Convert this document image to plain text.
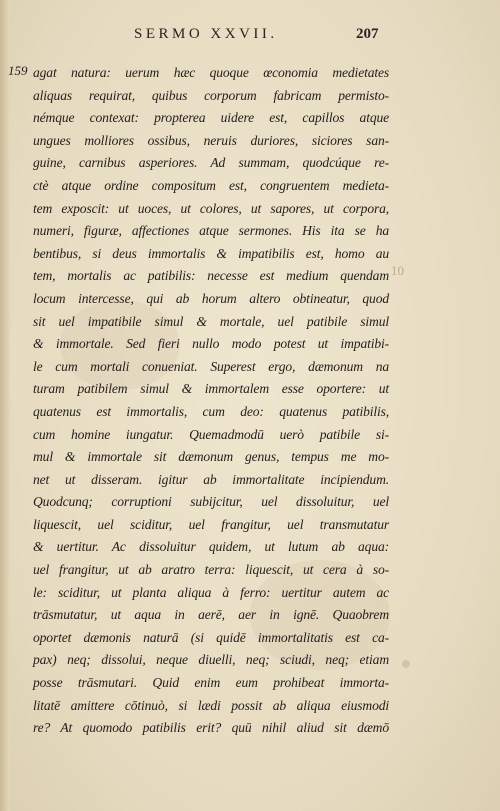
SERMO XXVII.	207
159
10
agat natura: uerum hæc quoque œconomia medietates
aliquas requirat, quibus corporum fabricam permisto-
némque contexat: propterea uidere est, capillos atque
ungues molliores ossibus, neruis duriores, siciores san-
guine, carnibus asperiores. Ad summam, quodcúque re-
ctè atque ordine compositum est, congruentem medieta-
tem exposcit: ut uoces, ut colores, ut sapores, ut corpora,
numeri, figuræ, affectiones atque sermones. His ita se ha
bentibus, si deus immortalis & impatibilis est, homo au
tem, mortalis ac patibilis: necesse est medium quendam
locum intercesse, qui ab horum altero obtineatur, quod
sit uel impatibile simul & mortale, uel patibile simul
& immortale. Sed fieri nullo modo potest ut impatibi-
le cum mortali conueniat. Superest ergo, dæmonum na
turam patibilem simul & immortalem esse oportere: ut
quatenus est immortalis, cum deo: quatenus patibilis,
cum homine iungatur. Quemadmodū uerò patibile si-
mul & immortale sit dæmonum genus, tempus me mo-
net ut disseram. igitur ab immortalitate incipiendum.
Quodcunq; corruptioni subijcitur, uel dissoluitur, uel
liquescit, uel sciditur, uel frangitur, uel transmutatur
& uertitur. Ac dissoluitur quidem, ut lutum ab aqua:
uel frangitur, ut ab aratro terra: liquescit, ut cera à so-
le: sciditur, ut planta aliqua à ferro: uertitur autem ac
trāsmutatur, ut aqua in aerē, aer in ignē. Quaobrem
oportet dæmonis naturā (si quidē immortalitatis est ca-
pax) neq; dissolui, neque diuelli, neq; sciudi, neq; etiam
posse trāsmutari. Quid enim eum prohibeat immorta-
litatē amittere cōtinuò, si lædi possit ab aliqua eiusmodi
re? At quomodo patibilis erit? quū nihil aliud sit dæmō
